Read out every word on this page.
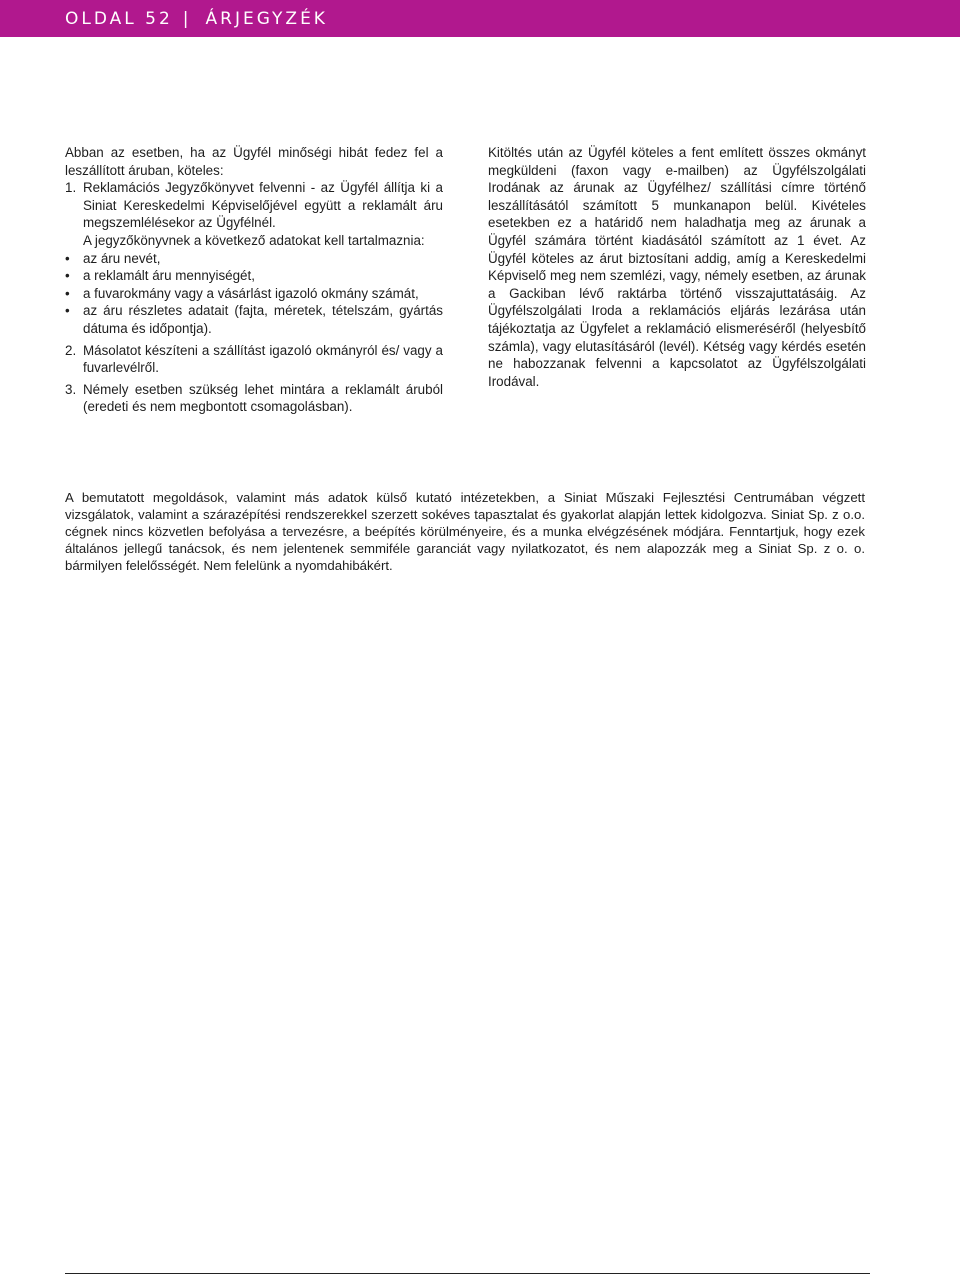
OLDAL 52 | ÁRJEGYZÉK

Abban az esetben, ha az Ügyfél minőségi hibát fedez fel a leszállított áruban, köteles:

1. Reklamációs Jegyzőkönyvet felvenni - az Ügyfél állítja ki a Siniat Kereskedelmi Képviselőjével együtt a reklamált áru megszemlélésekor az Ügyfélnél.

A jegyzőkönyvnek a következő adatokat kell tartalmaznia:

• az áru nevét,
• a reklamált áru mennyiségét,
• a fuvarokmány vagy a vásárlást igazoló okmány számát,
• az áru részletes adatait (fajta, méretek, tételszám, gyártás dátuma és időpontja).
2. Másolatot készíteni a szállítást igazoló okmányról és/ vagy a fuvarlevélről.
3. Némely esetben szükség lehet mintára a reklamált áruból (eredeti és nem megbontott csomagolásban).

Kitöltés után az Ügyfél köteles a fent említett összes okmányt megküldeni (faxon vagy e-mailben) az Ügyfélszolgálati Irodának az árunak az Ügyfélhez/ szállítási címre történő leszállításától számított 5 munkanapon belül. Kivételes esetekben ez a határidő nem haladhatja meg az árunak a Ügyfél számára történt kiadásától számított az 1 évet. Az Ügyfél köteles az árut biztosítani addig, amíg a Kereskedelmi Képviselő meg nem szemlézi, vagy, némely esetben, az árunak a Gackiban lévő raktárba történő visszajuttatásáig. Az Ügyfélszolgálati Iroda a reklamációs eljárás lezárása után tájékoztatja az Ügyfelet a reklamáció elismeréséről (helyesbítő számla), vagy elutasításáról (levél). Kétség vagy kérdés esetén ne habozzanak felvenni a kapcsolatot az Ügyfélszolgálati Irodával.

A bemutatott megoldások, valamint más adatok külső kutató intézetekben, a Siniat Műszaki Fejlesztési Centrumában végzett vizsgálatok, valamint a szárazépítési rendszerekkel szerzett sokéves tapasztalat és gyakorlat alapján lettek kidolgozva. Siniat Sp. z o.o. cégnek nincs közvetlen befolyása a tervezésre, a beépítés körülményeire, és a munka elvégzésének módjára. Fenntartjuk, hogy ezek általános jellegű tanácsok, és nem jelentenek semmiféle garanciát vagy nyilatkozatot, és nem alapozzák meg a Siniat Sp. z o. o. bármilyen felelősségét. Nem felelünk a nyomdahibákért.
